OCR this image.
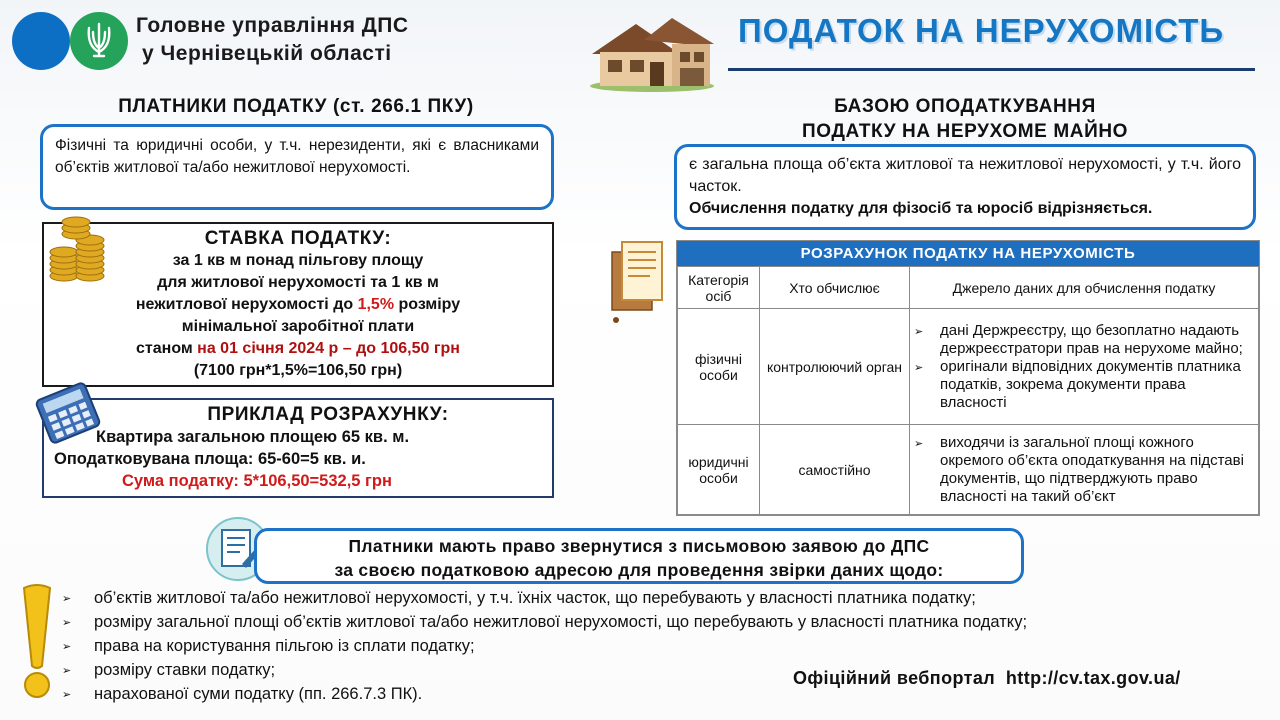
Головне управління ДПС
у Чернівецькій області
ПОДАТОК НА НЕРУХОМІСТЬ
ПЛАТНИКИ ПОДАТКУ (ст. 266.1 ПКУ)
Фізичні та юридичні особи, у т.ч. нерезиденти, які є власниками об’єктів житлової та/або нежитлової нерухомості.
СТАВКА ПОДАТКУ:
за 1 кв м понад пільгову площу
для житлової нерухомості та 1 кв м
нежитлової нерухомості до 1,5% розміру
мінімальної заробітної плати
станом на 01 січня 2024 р – до 106,50 грн
(7100 грн*1,5%=106,50 грн)
ПРИКЛАД РОЗРАХУНКУ:
Квартира загальною площею 65 кв. м.
Оподатковувана площа: 65-60=5 кв. и.
Сума податку: 5*106,50=532,5 грн
БАЗОЮ ОПОДАТКУВАННЯ
ПОДАТКУ НА НЕРУХОМЕ МАЙНО
є загальна площа об’єкта житлової та нежитлової нерухомості, у т.ч. його часток.
Обчислення податку для фізосіб та юросіб відрізняється.
РОЗРАХУНОК ПОДАТКУ НА НЕРУХОМІСТЬ
Категорія осіб	Хто обчислює	Джерело даних для обчислення податку
фізичні особи	контролюючий орган	➢ дані Держреєстру, що безоплатно надають держреєстратори прав на нерухоме майно;
➢ оригінали відповідних документів платника податків, зокрема документи права власності

юридичні особи	самостійно	➢ виходячи із загальної площі кожного окремого об’єкта оподаткування на підставі документів, що підтверджують право власності на такий об’єкт
Платники мають право звернутися з письмовою заявою до ДПС
за своєю податковою адресою для проведення звірки даних щодо:
➢	об’єктів житлової та/або нежитлової нерухомості, у т.ч. їхніх часток, що перебувають у власності платника податку;
➢	розміру загальної площі об’єктів житлової та/або нежитлової нерухомості, що перебувають у власності платника податку;
➢	права на користування пільгою із сплати податку;
➢	розміру ставки податку;
➢	нарахованої суми податку (пп. 266.7.3 ПК).
Офіційний вебпортал http://cv.tax.gov.ua/
